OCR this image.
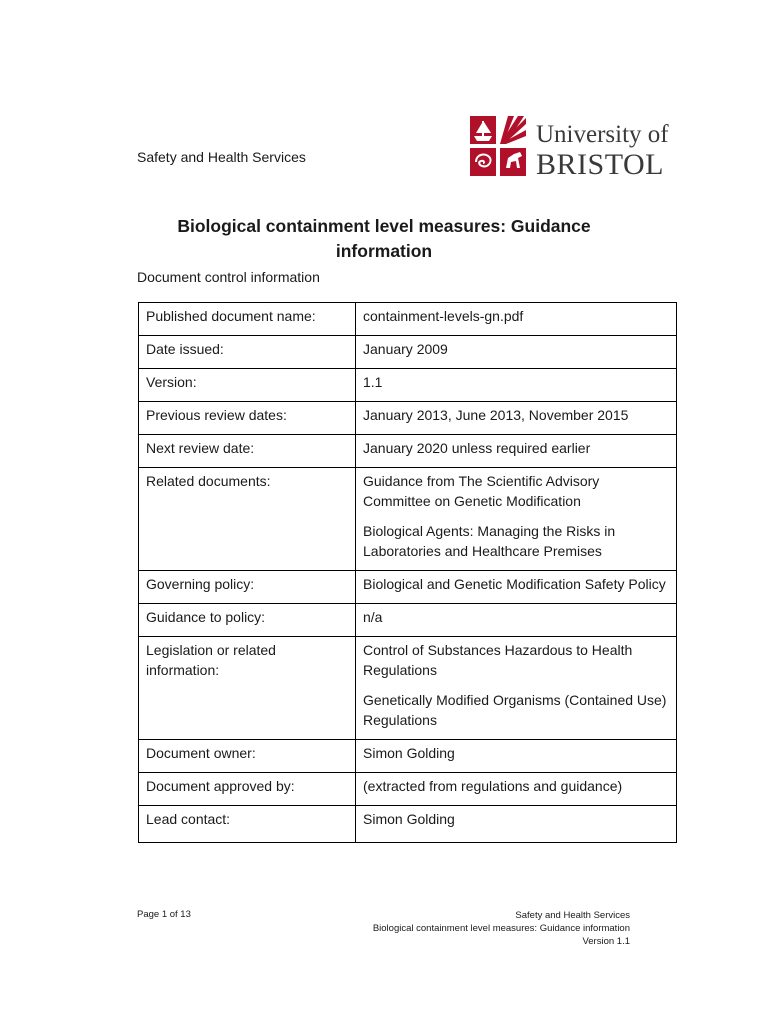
Safety and Health Services
University of
BRISTOL
Biological containment level measures: Guidance information
Document control information
Published document name:	containment-levels-gn.pdf

Date issued:	January 2009

Version:	1.1

Previous review dates:	January 2013, June 2013, November 2015

Next review date:	January 2020 unless required earlier

Related documents:	Guidance from The Scientific Advisory Committee on Genetic Modification

Biological Agents: Managing the Risks in Laboratories and Healthcare Premises

Governing policy:	Biological and Genetic Modification Safety Policy

Guidance to policy:	n/a

Legislation or related information:	Control of Substances Hazardous to Health Regulations

Genetically Modified Organisms (Contained Use) Regulations

Document owner:	Simon Golding

Document approved by:	(extracted from regulations and guidance)

Lead contact:	Simon Golding

Page 1 of 13	Safety and Health Services
Biological containment level measures: Guidance information
Version 1.1
